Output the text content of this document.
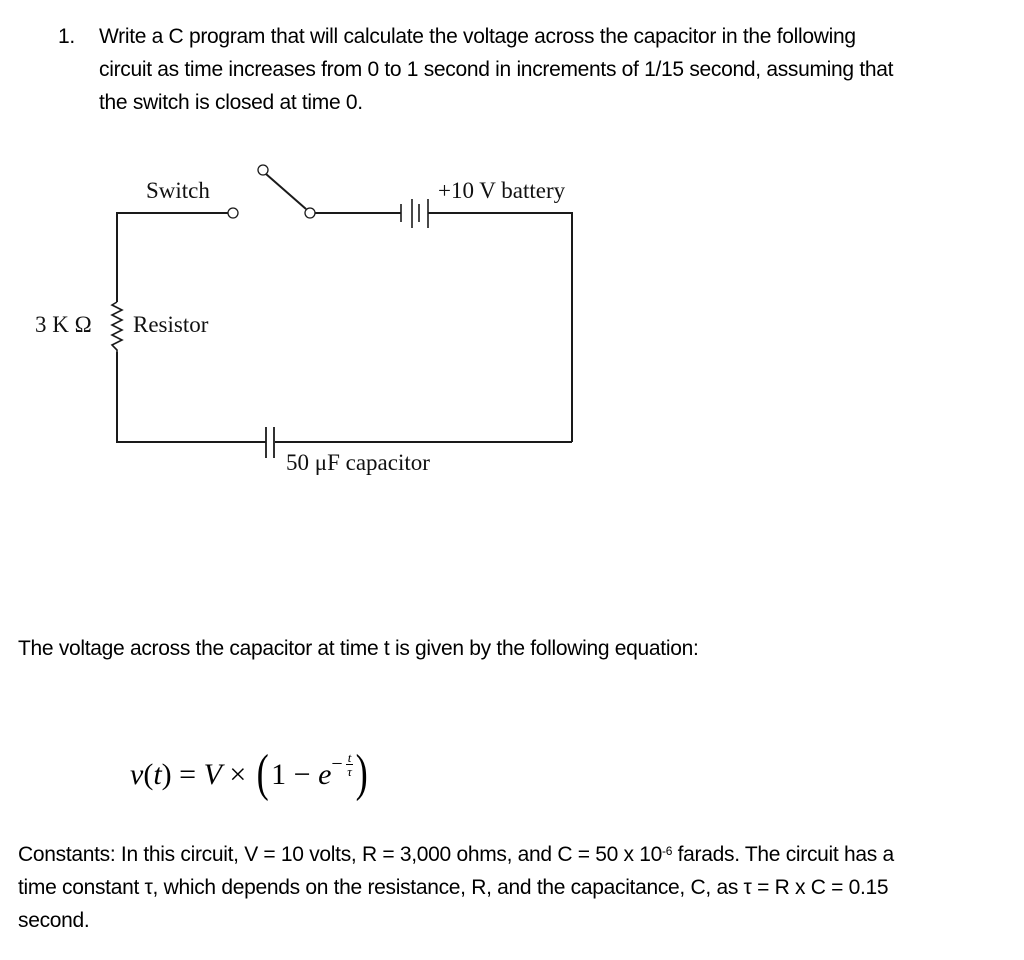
1. Write a C program that will calculate the voltage across the capacitor in the following
circuit as time increases from 0 to 1 second in increments of 1/15 second, assuming that
the switch is closed at time 0.
Switch	+10 V battery
3 K Ω Resistor
50 μF capacitor
The voltage across the capacitor at time t is given by the following equation:
$v(t) = V \times (1 - e - \frac{t}{\tau}$ )
Constants: In this circuit, V = 10 volts, R = 3,000 ohms, and C = 50 x $10^{-6}$ farads. The circuit has a
time constant τ, which depends on the resistance, R, and the capacitance, C, as τ = R x C = 0.15
second.
